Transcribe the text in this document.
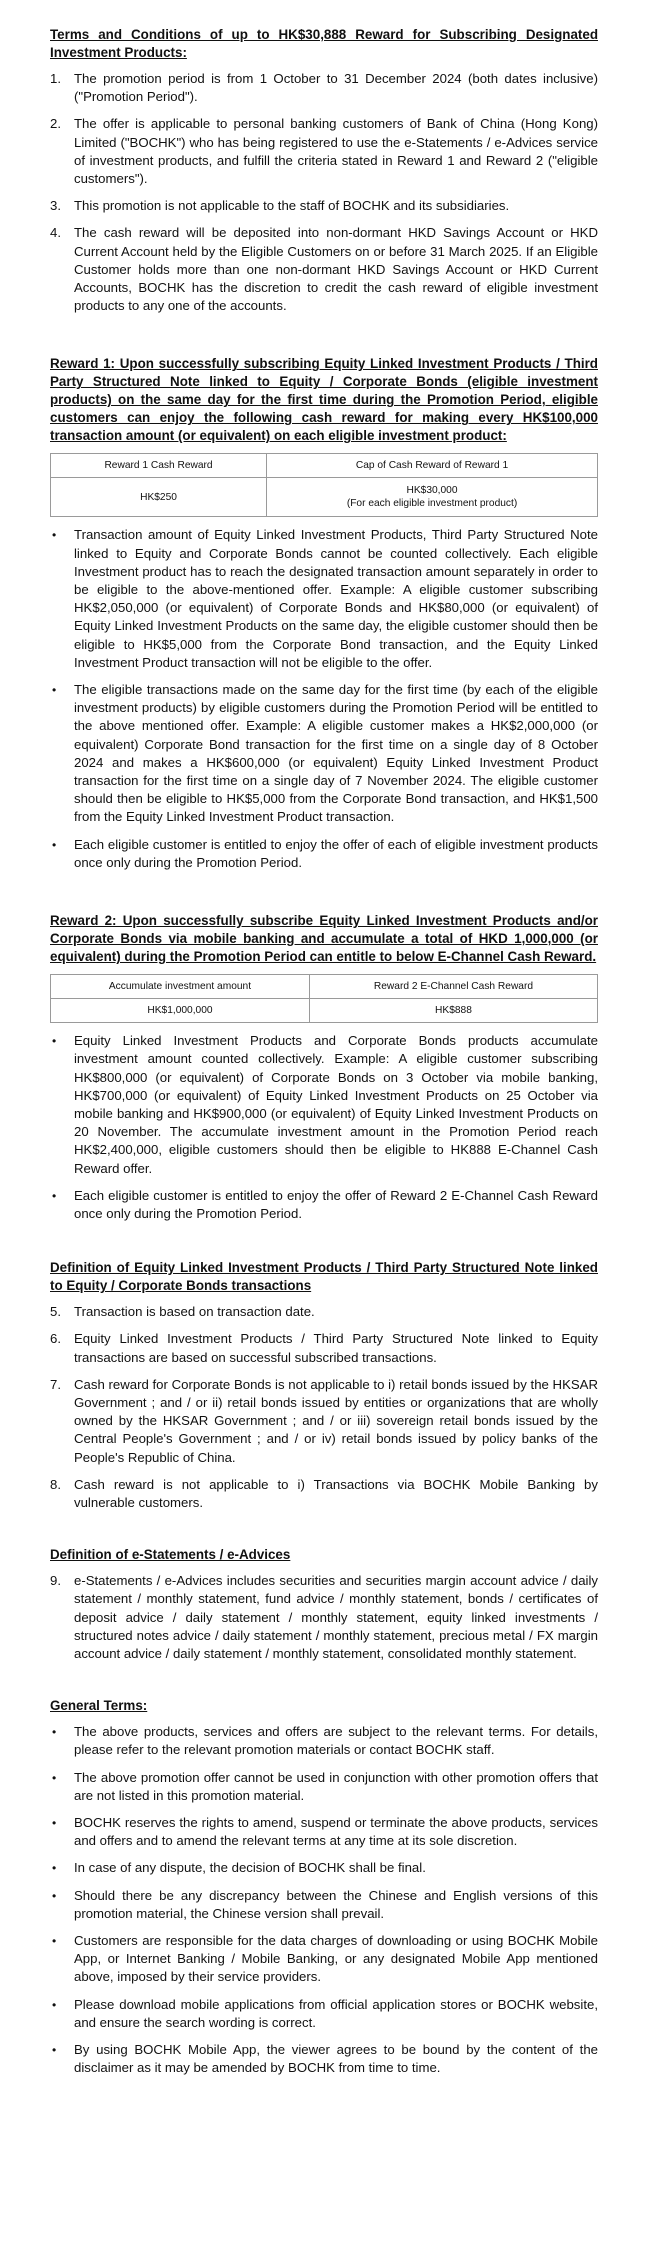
Terms and Conditions of up to HK$30,888 Reward for Subscribing Designated Investment Products:
1. The promotion period is from 1 October to 31 December 2024 (both dates inclusive) ("Promotion Period").
2. The offer is applicable to personal banking customers of Bank of China (Hong Kong) Limited ("BOCHK") who has being registered to use the e-Statements / e-Advices service of investment products, and fulfill the criteria stated in Reward 1 and Reward 2 ("eligible customers").
3. This promotion is not applicable to the staff of BOCHK and its subsidiaries.
4. The cash reward will be deposited into non-dormant HKD Savings Account or HKD Current Account held by the Eligible Customers on or before 31 March 2025. If an Eligible Customer holds more than one non-dormant HKD Savings Account or HKD Current Accounts, BOCHK has the discretion to credit the cash reward of eligible investment products to any one of the accounts.
Reward 1: Upon successfully subscribing Equity Linked Investment Products / Third Party Structured Note linked to Equity / Corporate Bonds (eligible investment products) on the same day for the first time during the Promotion Period, eligible customers can enjoy the following cash reward for making every HK$100,000 transaction amount (or equivalent) on each eligible investment product:
Reward 1 Cash Reward	Cap of Cash Reward of Reward 1
HK$250	HK$30,000
(For each eligible investment product)
• Transaction amount of Equity Linked Investment Products, Third Party Structured Note linked to Equity and Corporate Bonds cannot be counted collectively. Each eligible Investment product has to reach the designated transaction amount separately in order to be eligible to the above-mentioned offer. Example: A eligible customer subscribing HK$2,050,000 (or equivalent) of Corporate Bonds and HK$80,000 (or equivalent) of Equity Linked Investment Products on the same day, the eligible customer should then be eligible to HK$5,000 from the Corporate Bond transaction, and the Equity Linked Investment Product transaction will not be eligible to the offer.
• The eligible transactions made on the same day for the first time (by each of the eligible investment products) by eligible customers during the Promotion Period will be entitled to the above mentioned offer. Example: A eligible customer makes a HK$2,000,000 (or equivalent) Corporate Bond transaction for the first time on a single day of 8 October 2024 and makes a HK$600,000 (or equivalent) Equity Linked Investment Product transaction for the first time on a single day of 7 November 2024. The eligible customer should then be eligible to HK$5,000 from the Corporate Bond transaction, and HK$1,500 from the Equity Linked Investment Product transaction.
• Each eligible customer is entitled to enjoy the offer of each of eligible investment products once only during the Promotion Period.
Reward 2: Upon successfully subscribe Equity Linked Investment Products and/or Corporate Bonds via mobile banking and accumulate a total of HKD 1,000,000 (or equivalent) during the Promotion Period can entitle to below E-Channel Cash Reward.
Accumulate investment amount	Reward 2 E-Channel Cash Reward
HK$1,000,000	HK$888
• Equity Linked Investment Products and Corporate Bonds products accumulate investment amount counted collectively. Example: A eligible customer subscribing HK$800,000 (or equivalent) of Corporate Bonds on 3 October via mobile banking, HK$700,000 (or equivalent) of Equity Linked Investment Products on 25 October via mobile banking and HK$900,000 (or equivalent) of Equity Linked Investment Products on 20 November. The accumulate investment amount in the Promotion Period reach HK$2,400,000, eligible customers should then be eligible to HK888 E-Channel Cash Reward offer.
• Each eligible customer is entitled to enjoy the offer of Reward 2 E-Channel Cash Reward once only during the Promotion Period.
Definition of Equity Linked Investment Products / Third Party Structured Note linked to Equity / Corporate Bonds transactions
5. Transaction is based on transaction date.
6. Equity Linked Investment Products / Third Party Structured Note linked to Equity transactions are based on successful subscribed transactions.
7. Cash reward for Corporate Bonds is not applicable to i) retail bonds issued by the HKSAR Government ; and / or ii) retail bonds issued by entities or organizations that are wholly owned by the HKSAR Government ; and / or iii) sovereign retail bonds issued by the Central People's Government ; and / or iv) retail bonds issued by policy banks of the People's Republic of China.
8. Cash reward is not applicable to i) Transactions via BOCHK Mobile Banking by vulnerable customers.
Definition of e-Statements / e-Advices
9. e-Statements / e-Advices includes securities and securities margin account advice / daily statement / monthly statement, fund advice / monthly statement, bonds / certificates of deposit advice / daily statement / monthly statement, equity linked investments / structured notes advice / daily statement / monthly statement, precious metal / FX margin account advice / daily statement / monthly statement, consolidated monthly statement.
General Terms:
• The above products, services and offers are subject to the relevant terms. For details, please refer to the relevant promotion materials or contact BOCHK staff.
• The above promotion offer cannot be used in conjunction with other promotion offers that are not listed in this promotion material.
• BOCHK reserves the rights to amend, suspend or terminate the above products, services and offers and to amend the relevant terms at any time at its sole discretion.
• In case of any dispute, the decision of BOCHK shall be final.
• Should there be any discrepancy between the Chinese and English versions of this promotion material, the Chinese version shall prevail.
• Customers are responsible for the data charges of downloading or using BOCHK Mobile App, or Internet Banking / Mobile Banking, or any designated Mobile App mentioned above, imposed by their service providers.
• Please download mobile applications from official application stores or BOCHK website, and ensure the search wording is correct.
• By using BOCHK Mobile App, the viewer agrees to be bound by the content of the disclaimer as it may be amended by BOCHK from time to time.
